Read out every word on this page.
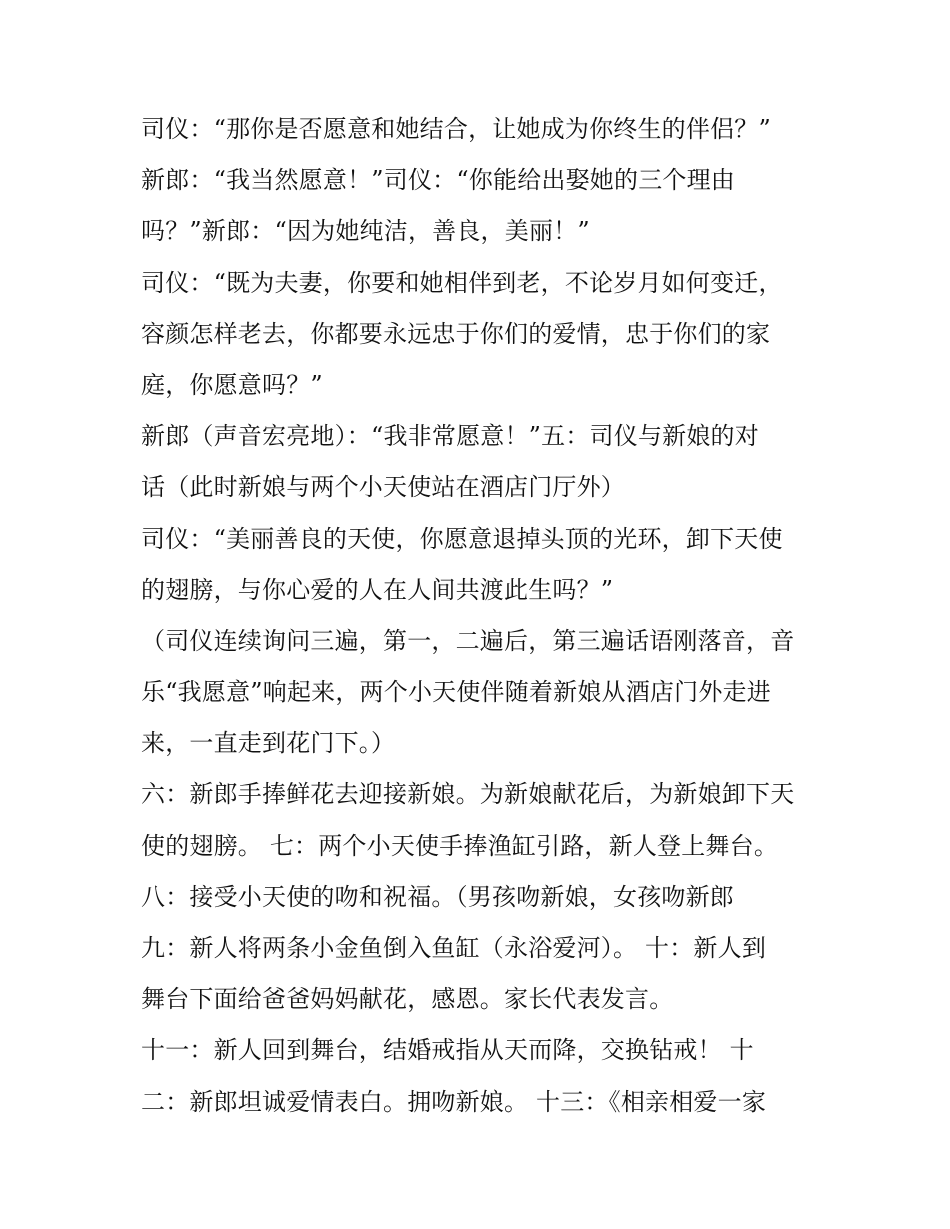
司仪：“那你是否愿意和她结合，让她成为你终生的伴侣？”
新郎：“我当然愿意！”司仪：“你能给出娶她的三个理由
吗？”新郎：“因为她纯洁，善良，美丽！”
司仪：“既为夫妻，你要和她相伴到老，不论岁月如何变迁，
容颜怎样老去，你都要永远忠于你们的爱情，忠于你们的家
庭，你愿意吗？”
新郎（声音宏亮地）：“我非常愿意！”五：司仪与新娘的对
话（此时新娘与两个小天使站在酒店门厅外）
司仪：“美丽善良的天使，你愿意退掉头顶的光环，卸下天使
的翅膀，与你心爱的人在人间共渡此生吗？”
（司仪连续询问三遍，第一，二遍后，第三遍话语刚落音，音
乐“我愿意”响起来，两个小天使伴随着新娘从酒店门外走进
来，一直走到花门下。）
六：新郎手捧鲜花去迎接新娘。为新娘献花后，为新娘卸下天
使的翅膀。 七：两个小天使手捧渔缸引路，新人登上舞台。
八：接受小天使的吻和祝福。（男孩吻新娘，女孩吻新郎
九：新人将两条小金鱼倒入鱼缸（永浴爱河）。 十：新人到
舞台下面给爸爸妈妈献花，感恩。家长代表发言。
十一：新人回到舞台，结婚戒指从天而降，交换钻戒！ 十
二：新郎坦诚爱情表白。拥吻新娘。 十三：《相亲相爱一家
